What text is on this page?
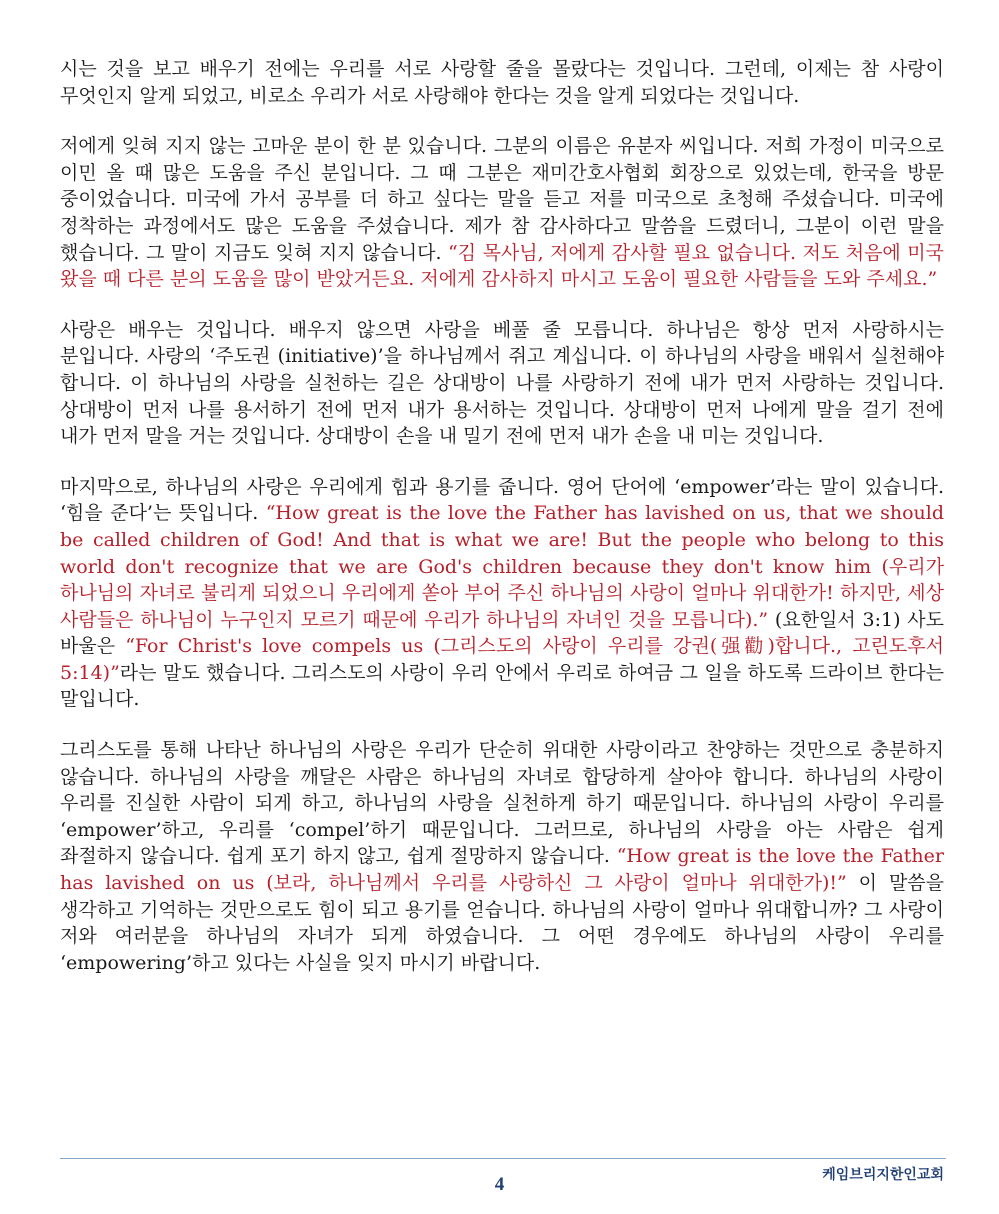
시는 것을 보고 배우기 전에는 우리를 서로 사랑할 줄을 몰랐다는 것입니다. 그런데, 이제는 참 사랑이 무엇인지 알게 되었고, 비로소 우리가 서로 사랑해야 한다는 것을 알게 되었다는 것입니다.

저에게 잊혀 지지 않는 고마운 분이 한 분 있습니다. 그분의 이름은 유분자 씨입니다. 저희 가정이 미국으로 이민 올 때 많은 도움을 주신 분입니다. 그 때 그분은 재미간호사협회 회장으로 있었는데, 한국을 방문 중이었습니다. 미국에 가서 공부를 더 하고 싶다는 말을 듣고 저를 미국으로 초청해 주셨습니다. 미국에 정착하는 과정에서도 많은 도움을 주셨습니다. 제가 참 감사하다고 말씀을 드렸더니, 그분이 이런 말을 했습니다. 그 말이 지금도 잊혀 지지 않습니다. “김 목사님, 저에게 감사할 필요 없습니다. 저도 처음에 미국 왔을 때 다른 분의 도움을 많이 받았거든요. 저에게 감사하지 마시고 도움이 필요한 사람들을 도와 주세요.”

사랑은 배우는 것입니다. 배우지 않으면 사랑을 베풀 줄 모릅니다. 하나님은 항상 먼저 사랑하시는 분입니다. 사랑의 ‘주도권 (initiative)’을 하나님께서 쥐고 계십니다. 이 하나님의 사랑을 배워서 실천해야 합니다. 이 하나님의 사랑을 실천하는 길은 상대방이 나를 사랑하기 전에 내가 먼저 사랑하는 것입니다. 상대방이 먼저 나를 용서하기 전에 먼저 내가 용서하는 것입니다. 상대방이 먼저 나에게 말을 걸기 전에 내가 먼저 말을 거는 것입니다. 상대방이 손을 내 밀기 전에 먼저 내가 손을 내 미는 것입니다.

마지막으로, 하나님의 사랑은 우리에게 힘과 용기를 줍니다. 영어 단어에 ‘empower’라는 말이 있습니다. ‘힘을 준다’는 뜻입니다. “How great is the love the Father has lavished on us, that we should be called children of God! And that is what we are! But the people who belong to this world don't recognize that we are God's children because they don't know him (우리가 하나님의 자녀로 불리게 되었으니 우리에게 쏟아 부어 주신 하나님의 사랑이 얼마나 위대한가! 하지만, 세상 사람들은 하나님이 누구인지 모르기 때문에 우리가 하나님의 자녀인 것을 모릅니다).” (요한일서 3:1) 사도 바울은 “For Christ's love compels us (그리스도의 사랑이 우리를 강권(强勸)합니다., 고린도후서 5:14)”라는 말도 했습니다. 그리스도의 사랑이 우리 안에서 우리로 하여금 그 일을 하도록 드라이브 한다는 말입니다.

그리스도를 통해 나타난 하나님의 사랑은 우리가 단순히 위대한 사랑이라고 찬양하는 것만으로 충분하지 않습니다. 하나님의 사랑을 깨달은 사람은 하나님의 자녀로 합당하게 살아야 합니다. 하나님의 사랑이 우리를 진실한 사람이 되게 하고, 하나님의 사랑을 실천하게 하기 때문입니다. 하나님의 사랑이 우리를 ‘empower’하고, 우리를 ‘compel’하기 때문입니다. 그러므로, 하나님의 사랑을 아는 사람은 쉽게 좌절하지 않습니다. 쉽게 포기 하지 않고, 쉽게 절망하지 않습니다. “How great is the love the Father has lavished on us (보라, 하나님께서 우리를 사랑하신 그 사랑이 얼마나 위대한가)!” 이 말씀을 생각하고 기억하는 것만으로도 힘이 되고 용기를 얻습니다. 하나님의 사랑이 얼마나 위대합니까? 그 사랑이 저와 여러분을 하나님의 자녀가 되게 하였습니다. 그 어떤 경우에도 하나님의 사랑이 우리를 ‘empowering’하고 있다는 사실을 잊지 마시기 바랍니다.

4	케임브리지한인교회
